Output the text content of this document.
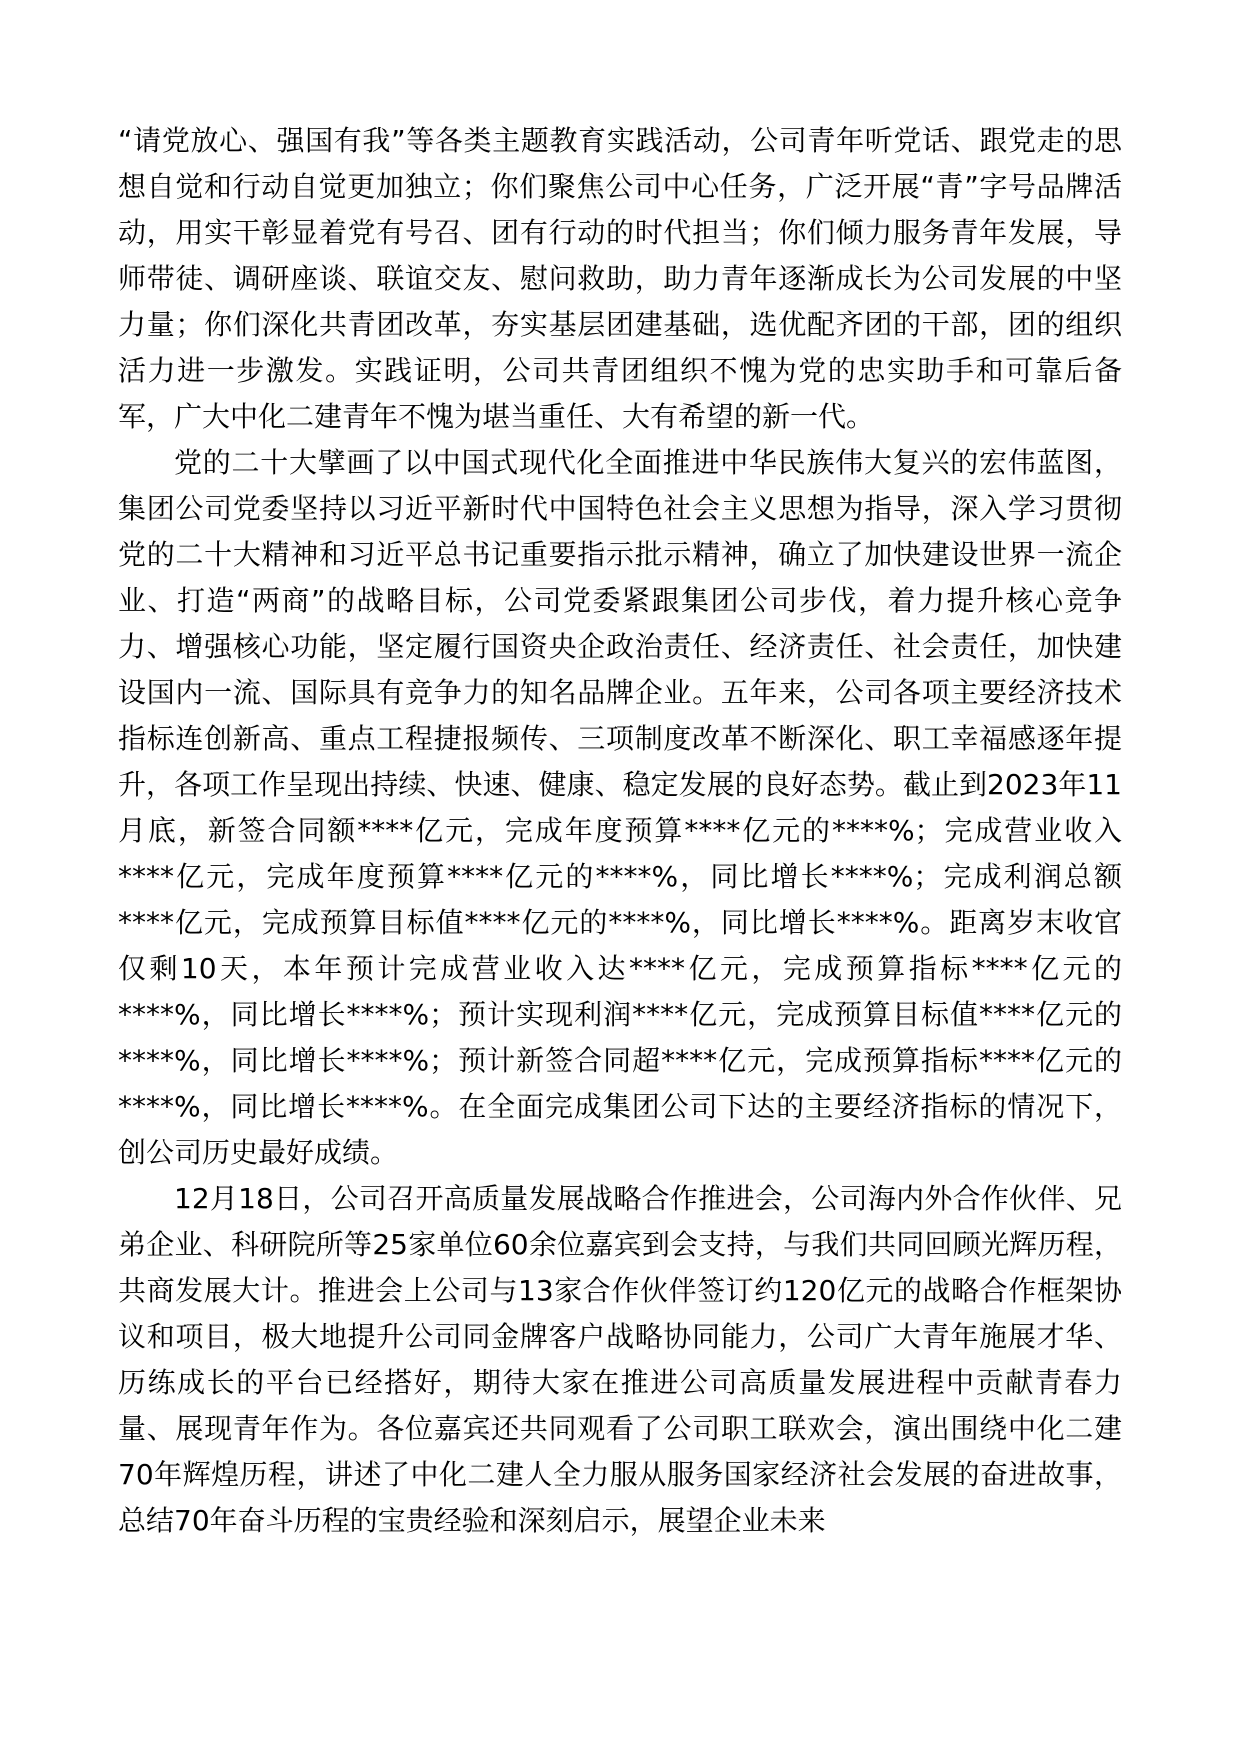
“请党放心、强国有我”等各类主题教育实践活动，公司青年听党话、跟党走的思想自觉和行动自觉更加独立；你们聚焦公司中心任务，广泛开展“青”字号品牌活动，用实干彰显着党有号召、团有行动的时代担当；你们倾力服务青年发展，导师带徒、调研座谈、联谊交友、慰问救助，助力青年逐渐成长为公司发展的中坚力量；你们深化共青团改革，夯实基层团建基础，选优配齐团的干部，团的组织活力进一步激发。实践证明，公司共青团组织不愧为党的忠实助手和可靠后备军，广大中化二建青年不愧为堪当重任、大有希望的新一代。

党的二十大擘画了以中国式现代化全面推进中华民族伟大复兴的宏伟蓝图，集团公司党委坚持以习近平新时代中国特色社会主义思想为指导，深入学习贯彻党的二十大精神和习近平总书记重要指示批示精神，确立了加快建设世界一流企业、打造“两商”的战略目标，公司党委紧跟集团公司步伐，着力提升核心竞争力、增强核心功能，坚定履行国资央企政治责任、经济责任、社会责任，加快建设国内一流、国际具有竞争力的知名品牌企业。五年来，公司各项主要经济技术指标连创新高、重点工程捷报频传、三项制度改革不断深化、职工幸福感逐年提升，各项工作呈现出持续、快速、健康、稳定发展的良好态势。截止到2023年11月底，新签合同额****亿元，完成年度预算****亿元的****%；完成营业收入****亿元，完成年度预算****亿元的****%，同比增长****%；完成利润总额****亿元，完成预算目标值****亿元的****%，同比增长****%。距离岁末收官仅剩10天，本年预计完成营业收入达****亿元，完成预算指标****亿元的****%，同比增长****%；预计实现利润****亿元，完成预算目标值****亿元的****%，同比增长****%；预计新签合同超****亿元，完成预算指标****亿元的****%，同比增长****%。在全面完成集团公司下达的主要经济指标的情况下，创公司历史最好成绩。

12月18日，公司召开高质量发展战略合作推进会，公司海内外合作伙伴、兄弟企业、科研院所等25家单位60余位嘉宾到会支持，与我们共同回顾光辉历程，共商发展大计。推进会上公司与13家合作伙伴签订约120亿元的战略合作框架协议和项目，极大地提升公司同金牌客户战略协同能力，公司广大青年施展才华、历练成长的平台已经搭好，期待大家在推进公司高质量发展进程中贡献青春力量、展现青年作为。各位嘉宾还共同观看了公司职工联欢会，演出围绕中化二建70年辉煌历程，讲述了中化二建人全力服从服务国家经济社会发展的奋进故事，总结70年奋斗历程的宝贵经验和深刻启示，展望企业未来
